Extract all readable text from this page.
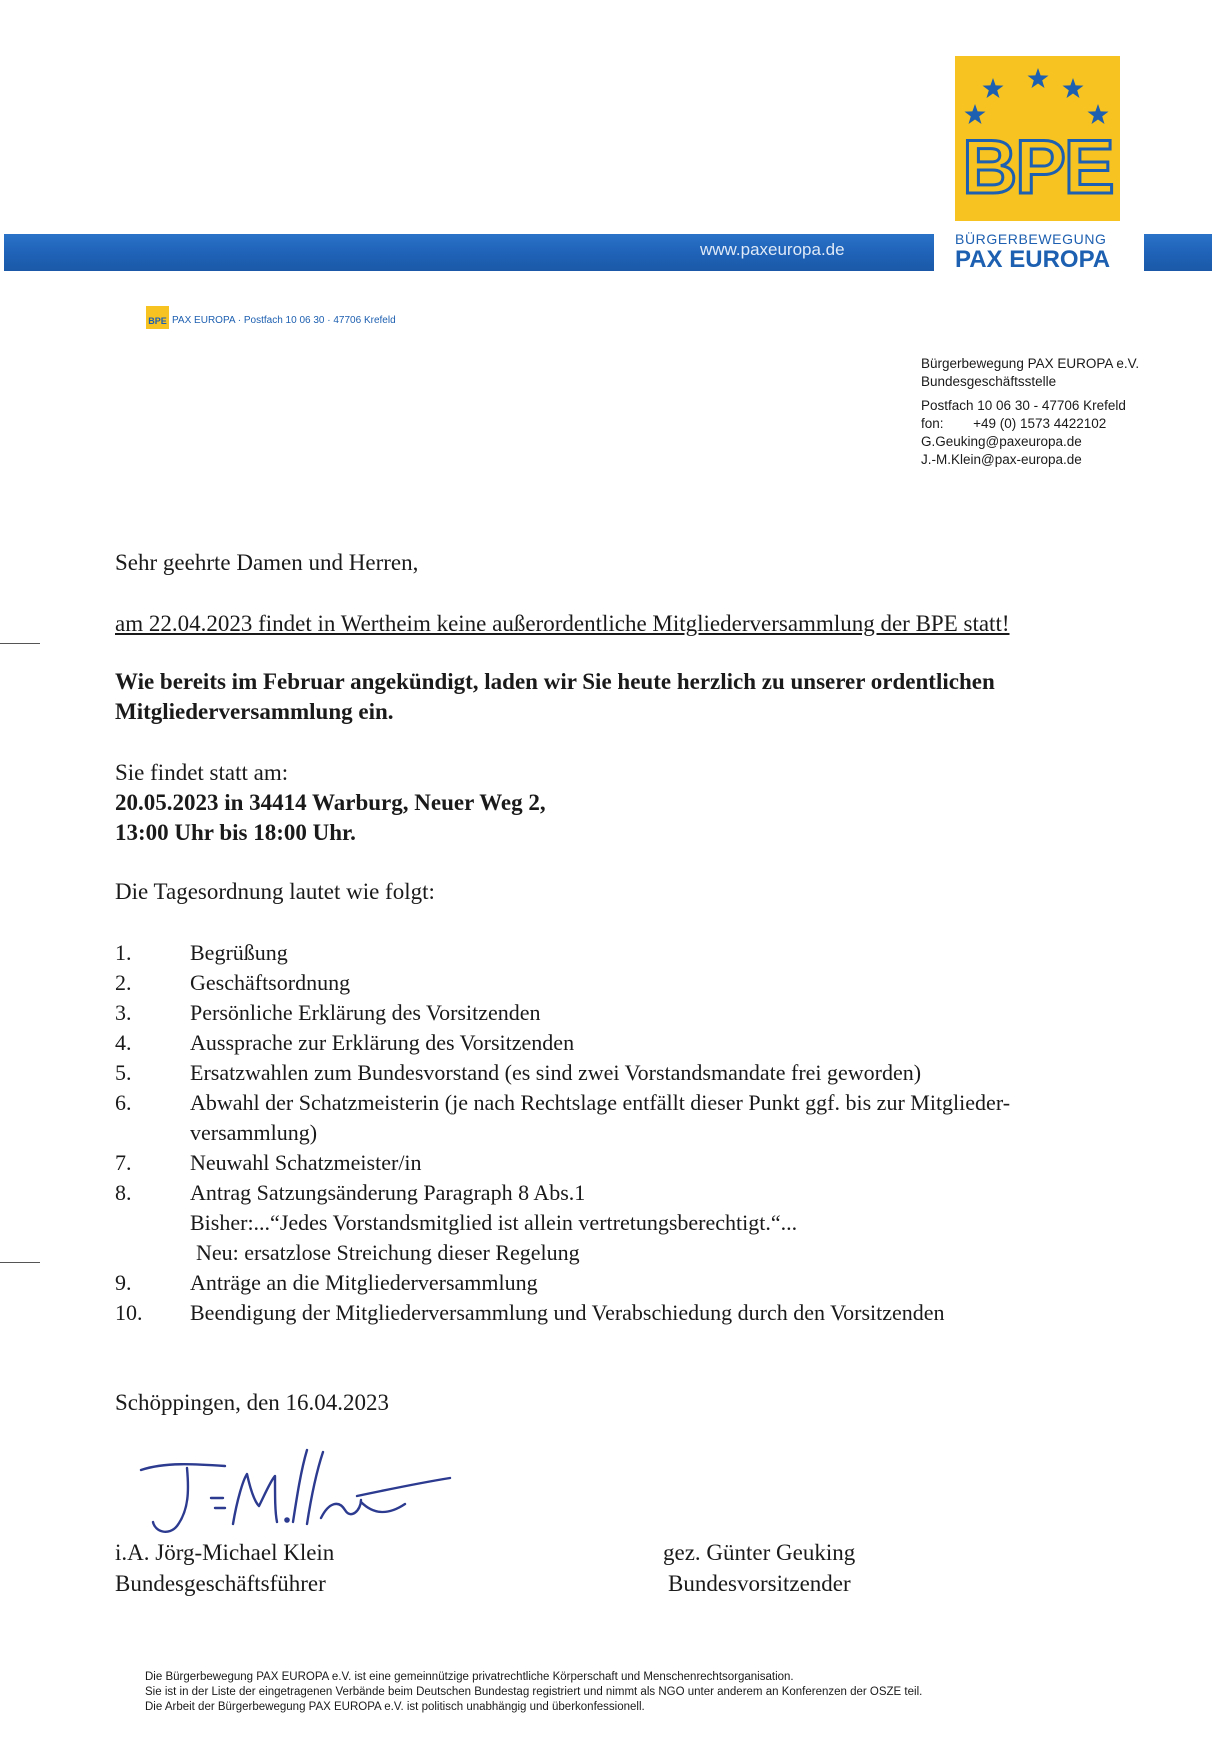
www.paxeuropa.de
BPE
BÜRGERBEWEGUNG
PAX EUROPA
BPE PAX EUROPA · Postfach 10 06 30 · 47706 Krefeld
Bürgerbewegung PAX EUROPA e.V.
Bundesgeschäftsstelle
Postfach 10 06 30 - 47706 Krefeld
fon: +49 (0) 1573 4422102
G.Geuking@paxeuropa.de
J.-M.Klein@pax-europa.de
Sehr geehrte Damen und Herren,
am 22.04.2023 findet in Wertheim keine außerordentliche Mitgliederversammlung der BPE statt!
Wie bereits im Februar angekündigt, laden wir Sie heute herzlich zu unserer ordentlichen
Mitgliederversammlung ein.
Sie findet statt am:
20.05.2023 in 34414 Warburg, Neuer Weg 2,
13:00 Uhr bis 18:00 Uhr.
Die Tagesordnung lautet wie folgt:
1.	Begrüßung
2.	Geschäftsordnung
3.	Persönliche Erklärung des Vorsitzenden
4.	Aussprache zur Erklärung des Vorsitzenden
5.	Ersatzwahlen zum Bundesvorstand (es sind zwei Vorstandsmandate frei geworden)
6.	Abwahl der Schatzmeisterin (je nach Rechtslage entfällt dieser Punkt ggf. bis zur Mitglieder-
versammlung)
7.	Neuwahl Schatzmeister/in
8.	Antrag Satzungsänderung Paragraph 8 Abs.1
Bisher:...“Jedes Vorstandsmitglied ist allein vertretungsberechtigt.“...
Neu: ersatzlose Streichung dieser Regelung
9.	Anträge an die Mitgliederversammlung
10.	Beendigung der Mitgliederversammlung und Verabschiedung durch den Vorsitzenden
Schöppingen, den 16.04.2023
i.A. Jörg-Michael Klein
Bundesgeschäftsführer
gez. Günter Geuking
Bundesvorsitzender
Die Bürgerbewegung PAX EUROPA e.V. ist eine gemeinnützige privatrechtliche Körperschaft und Menschenrechtsorganisation.
Sie ist in der Liste der eingetragenen Verbände beim Deutschen Bundestag registriert und nimmt als NGO unter anderem an Konferenzen der OSZE teil.
Die Arbeit der Bürgerbewegung PAX EUROPA e.V. ist politisch unabhängig und überkonfessionell.
